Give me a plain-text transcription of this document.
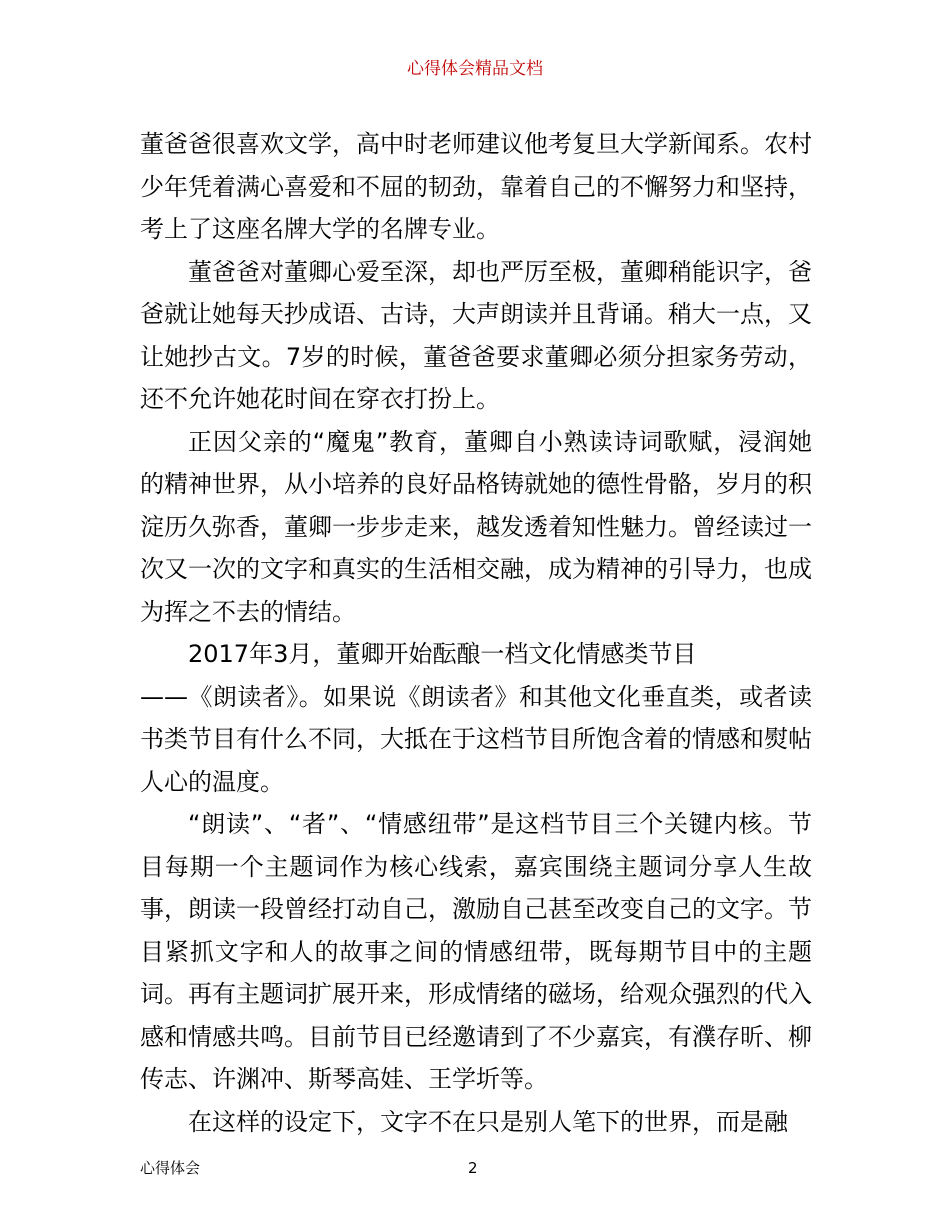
心得体会精品文档

董爸爸很喜欢文学，高中时老师建议他考复旦大学新闻系。农村少年凭着满心喜爱和不屈的韧劲，靠着自己的不懈努力和坚持，考上了这座名牌大学的名牌专业。

董爸爸对董卿心爱至深，却也严厉至极，董卿稍能识字，爸爸就让她每天抄成语、古诗，大声朗读并且背诵。稍大一点，又让她抄古文。7岁的时候，董爸爸要求董卿必须分担家务劳动，还不允许她花时间在穿衣打扮上。

正因父亲的“魔鬼”教育，董卿自小熟读诗词歌赋，浸润她的精神世界，从小培养的良好品格铸就她的德性骨骼，岁月的积淀历久弥香，董卿一步步走来，越发透着知性魅力。曾经读过一次又一次的文字和真实的生活相交融，成为精神的引导力，也成为挥之不去的情结。

2017年3月，董卿开始酝酿一档文化情感类节目

——《朗读者》。如果说《朗读者》和其他文化垂直类，或者读书类节目有什么不同，大抵在于这档节目所饱含着的情感和熨帖人心的温度。

“朗读”、“者”、“情感纽带”是这档节目三个关键内核。节目每期一个主题词作为核心线索，嘉宾围绕主题词分享人生故事，朗读一段曾经打动自己，激励自己甚至改变自己的文字。节目紧抓文字和人的故事之间的情感纽带，既每期节目中的主题词。再有主题词扩展开来，形成情绪的磁场，给观众强烈的代入感和情感共鸣。目前节目已经邀请到了不少嘉宾，有濮存昕、柳传志、许渊冲、斯琴高娃、王学圻等。

在这样的设定下，文字不在只是别人笔下的世界，而是融

心得体会	2
